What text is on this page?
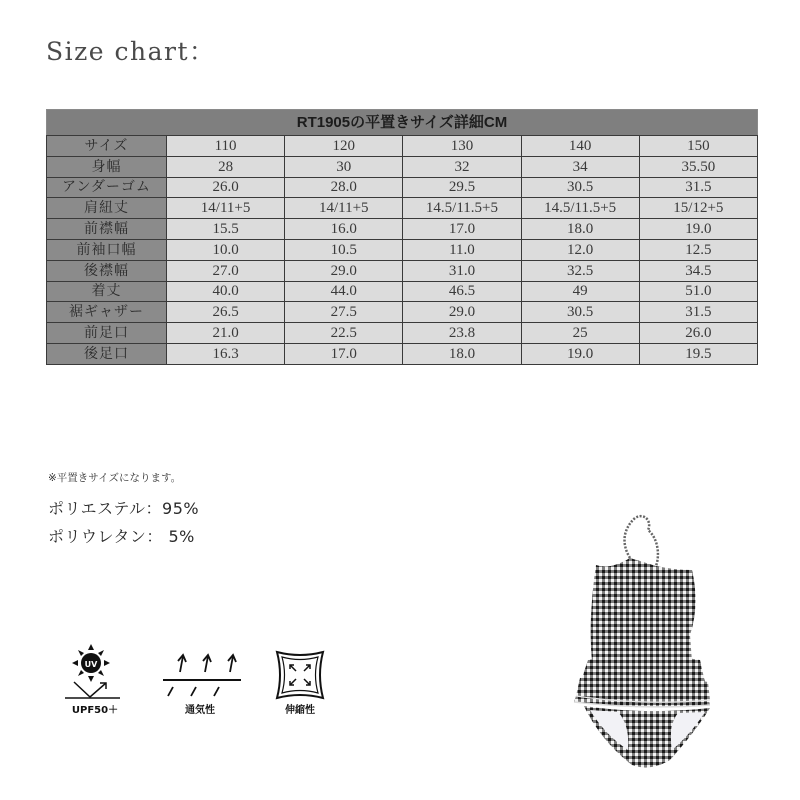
Size chart：
RT1905の平置きサイズ詳細CM					
サイズ	110	120	130	140	150
身幅	28	30	32	34	35.50
アンダーゴム	26.0	28.0	29.5	30.5	31.5
肩紐丈	14/11+5	14/11+5	14.5/11.5+5	14.5/11.5+5	15/12+5
前襟幅	15.5	16.0	17.0	18.0	19.0
前袖口幅	10.0	10.5	11.0	12.0	12.5
後襟幅	27.0	29.0	31.0	32.5	34.5
着丈	40.0	44.0	46.5	49	51.0
裾ギャザー	26.5	27.5	29.0	30.5	31.5
前足口	21.0	22.5	23.8	25	26.0
後足口	16.3	17.0	18.0	19.0	19.5
※平置きサイズになります。
ポリエステル：95%
ポリウレタン： 5%
UV
UPF50＋	通気性	伸縮性
